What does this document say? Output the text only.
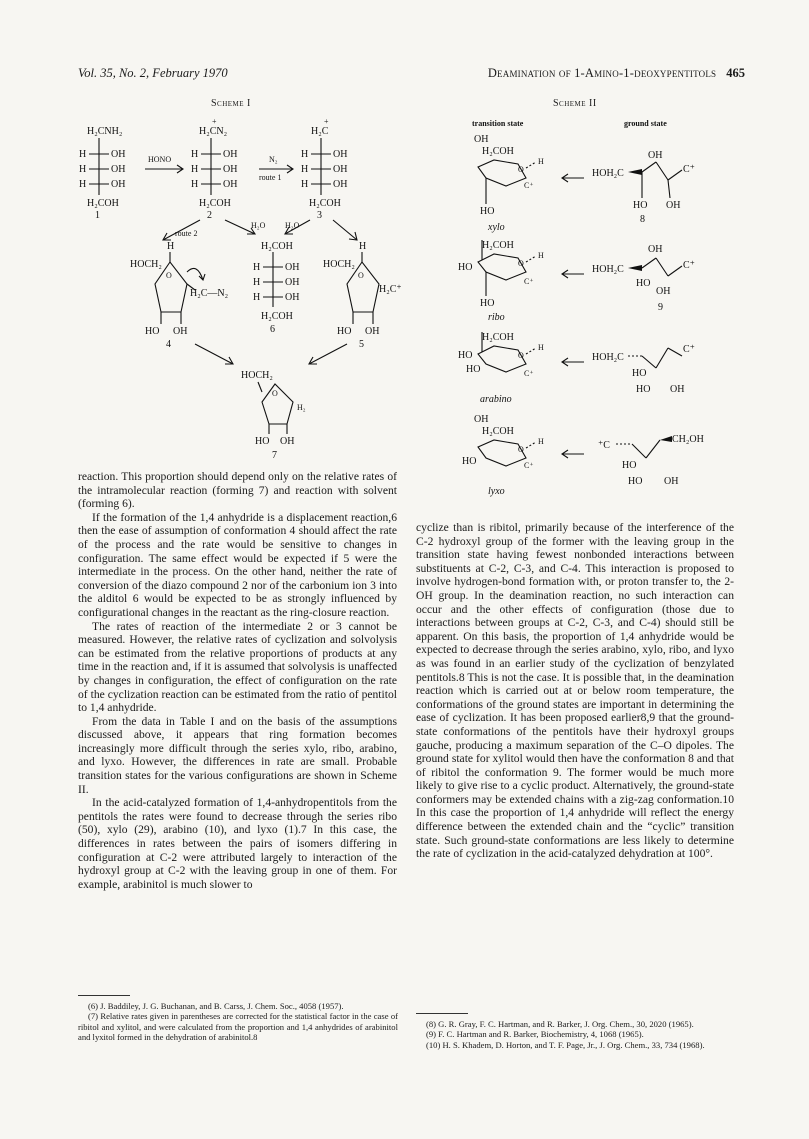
Vol. 35, No. 2, February 1970	Deamination of 1-Amino-1-deoxypentitols 465
Scheme I	Scheme II
H₂CNH₂
H
H
H
OH
OH
OH
H₂COH
1
HONO
+
H₂CN₂
H
H
H
OH
OH
OH
H₂COH
2
N₂
route 1
+
H₂C
H
H
H
OH
OH
OH
H₂COH
3
route 2
H₂O H₂O
H
HOCH₂
O
H₂C—N₂
HO OH
4
H₂COH
H
H
H
OH
OH
OH
H₂COH
6
H
HOCH₂
O
H₂C⁺
HO OH
5
HOCH₂
O
H₂
HO OH
7
transition state	ground state
OH
H₂COH
O
H
C⁺
HO
xylo
HOH₂C
OH
C⁺
HO OH
8
H₂COH
O
H
C⁺
HO
HO
ribo
HOH₂C
OH
C⁺
HO
OH
9
H₂COH
O
H
C⁺
HO
HO
arabino
HOH₂C
C⁺
HO
HO OH
OH
H₂COH
O
H
C⁺
HO
lyxo
⁺C
CH₂OH
HO
HO OH

reaction. This proportion should depend only on the relative rates of the intramolecular reaction (forming 7) and reaction with solvent (forming 6).

If the formation of the 1,4 anhydride is a displacement reaction,6 then the ease of assumption of conformation 4 should affect the rate of the process and the rate would be sensitive to changes in configuration. The same effect would be expected if 5 were the intermediate in the process. On the other hand, neither the rate of conversion of the diazo compound 2 nor of the carbonium ion 3 into the alditol 6 would be expected to be as strongly influenced by configurational changes in the reactant as the ring-closure reaction.

The rates of reaction of the intermediate 2 or 3 cannot be measured. However, the relative rates of cyclization and solvolysis can be estimated from the relative proportions of products at any time in the reaction and, if it is assumed that solvolysis is unaffected by changes in configuration, the effect of configuration on the rate of the cyclization reaction can be estimated from the ratio of pentitol to 1,4 anhydride.

From the data in Table I and on the basis of the assumptions discussed above, it appears that ring formation becomes increasingly more difficult through the series xylo, ribo, arabino, and lyxo. However, the differences in rate are small. Probable transition states for the various configurations are shown in Scheme II.

In the acid-catalyzed formation of 1,4-anhydropentitols from the pentitols the rates were found to decrease through the series ribo (50), xylo (29), arabino (10), and lyxo (1).7 In this case, the differences in rates between the pairs of isomers differing in configuration at C-2 were attributed largely to interaction of the hydroxyl group at C-2 with the leaving group in one of them. For example, arabinitol is much slower to

cyclize than is ribitol, primarily because of the interference of the C-2 hydroxyl group of the former with the leaving group in the transition state having fewest nonbonded interactions between substituents at C-2, C-3, and C-4. This interaction is proposed to involve hydrogen-bond formation with, or proton transfer to, the 2-OH group. In the deamination reaction, no such interaction can occur and the other effects of configuration (those due to interactions between groups at C-2, C-3, and C-4) should still be apparent. On this basis, the proportion of 1,4 anhydride would be expected to decrease through the series arabino, xylo, ribo, and lyxo as was found in an earlier study of the cyclization of benzylated pentitols.8 This is not the case. It is possible that, in the deamination reaction which is carried out at or below room temperature, the conformations of the ground states are important in determining the ease of cyclization. It has been proposed earlier8,9 that the ground-state conformations of the pentitols have their hydroxyl groups gauche, producing a maximum separation of the C–O dipoles. The ground state for xylitol would then have the conformation 8 and that of ribitol the conformation 9. The former would be much more likely to give rise to a cyclic product. Alternatively, the ground-state conformers may be extended chains with a zig-zag conformation.10 In this case the proportion of 1,4 anhydride will reflect the energy difference between the extended chain and the “cyclic” transition state. Such ground-state conformations are less likely to determine the rate of cyclization in the acid-catalyzed dehydration at 100°.

(6) J. Baddiley, J. G. Buchanan, and B. Carss, J. Chem. Soc., 4058 (1957).

(7) Relative rates given in parentheses are corrected for the statistical factor in the case of ribitol and xylitol, and were calculated from the proportion and 1,4 anhydrides of arabinitol and lyxitol formed in the dehydration of arabinitol.8

(8) G. R. Gray, F. C. Hartman, and R. Barker, J. Org. Chem., 30, 2020 (1965).

(9) F. C. Hartman and R. Barker, Biochemistry, 4, 1068 (1965).

(10) H. S. Khadem, D. Horton, and T. F. Page, Jr., J. Org. Chem., 33, 734 (1968).
